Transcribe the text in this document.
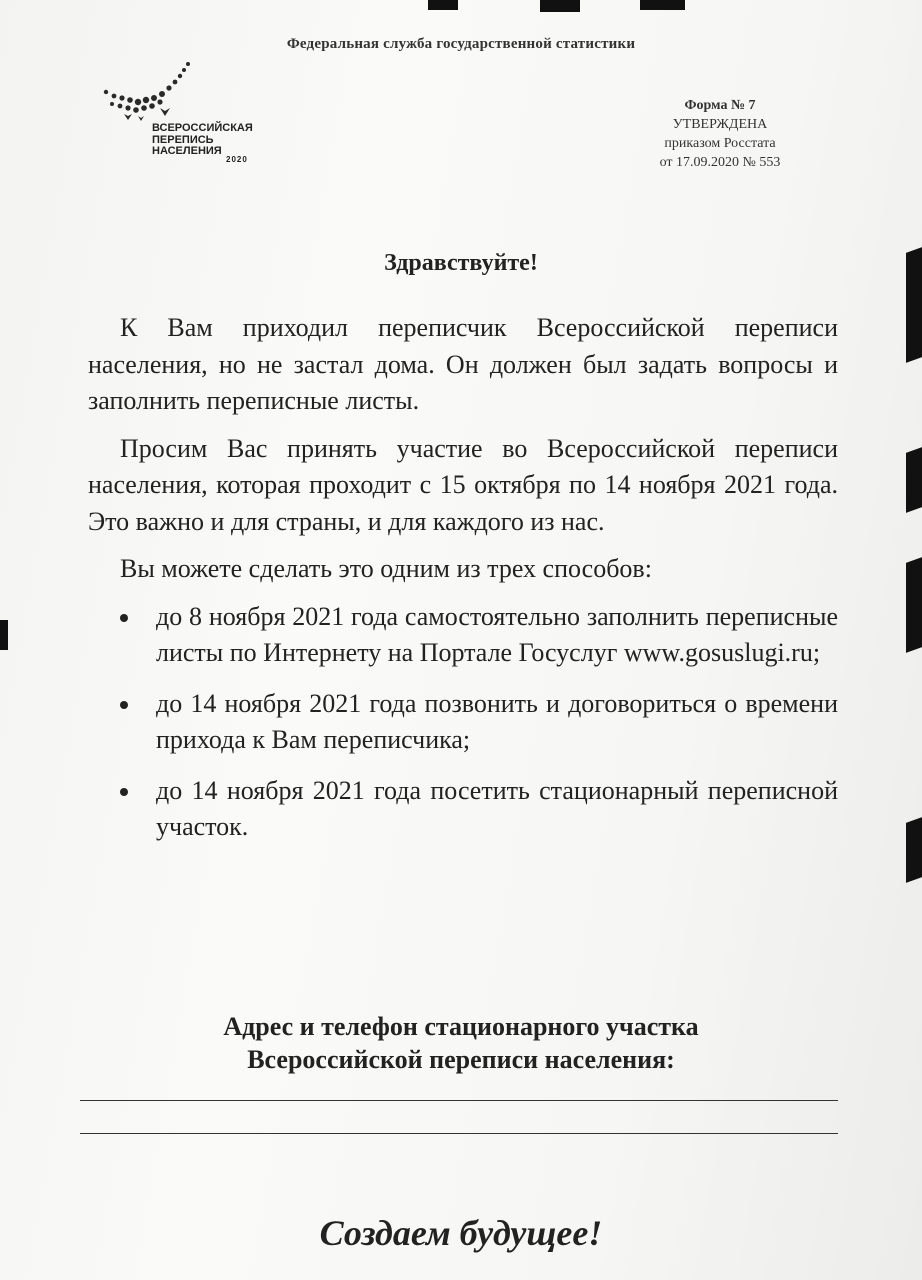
Федеральная служба государственной статистики
ВСЕРОССИЙСКАЯ
ПЕРЕПИСЬ
НАСЕЛЕНИЯ
2020
Форма № 7
УТВЕРЖДЕНА
приказом Росстата
от 17.09.2020 № 553
Здравствуйте!

К Вам приходил переписчик Всероссийской переписи населения, но не застал дома. Он должен был задать вопросы и заполнить переписные листы.

Просим Вас принять участие во Всероссийской переписи населения, которая проходит с 15 октября по 14 ноября 2021 года. Это важно и для страны, и для каждого из нас.

Вы можете сделать это одним из трех способов:

до 8 ноября 2021 года самостоятельно заполнить переписные листы по Интернету на Портале Госуслуг www.gosuslugi.ru;
до 14 ноября 2021 года позвонить и договориться о времени прихода к Вам переписчика;
до 14 ноября 2021 года посетить стационарный переписной участок.
Адрес и телефон стационарного участка
Всероссийской переписи населения:
Создаем будущее!
